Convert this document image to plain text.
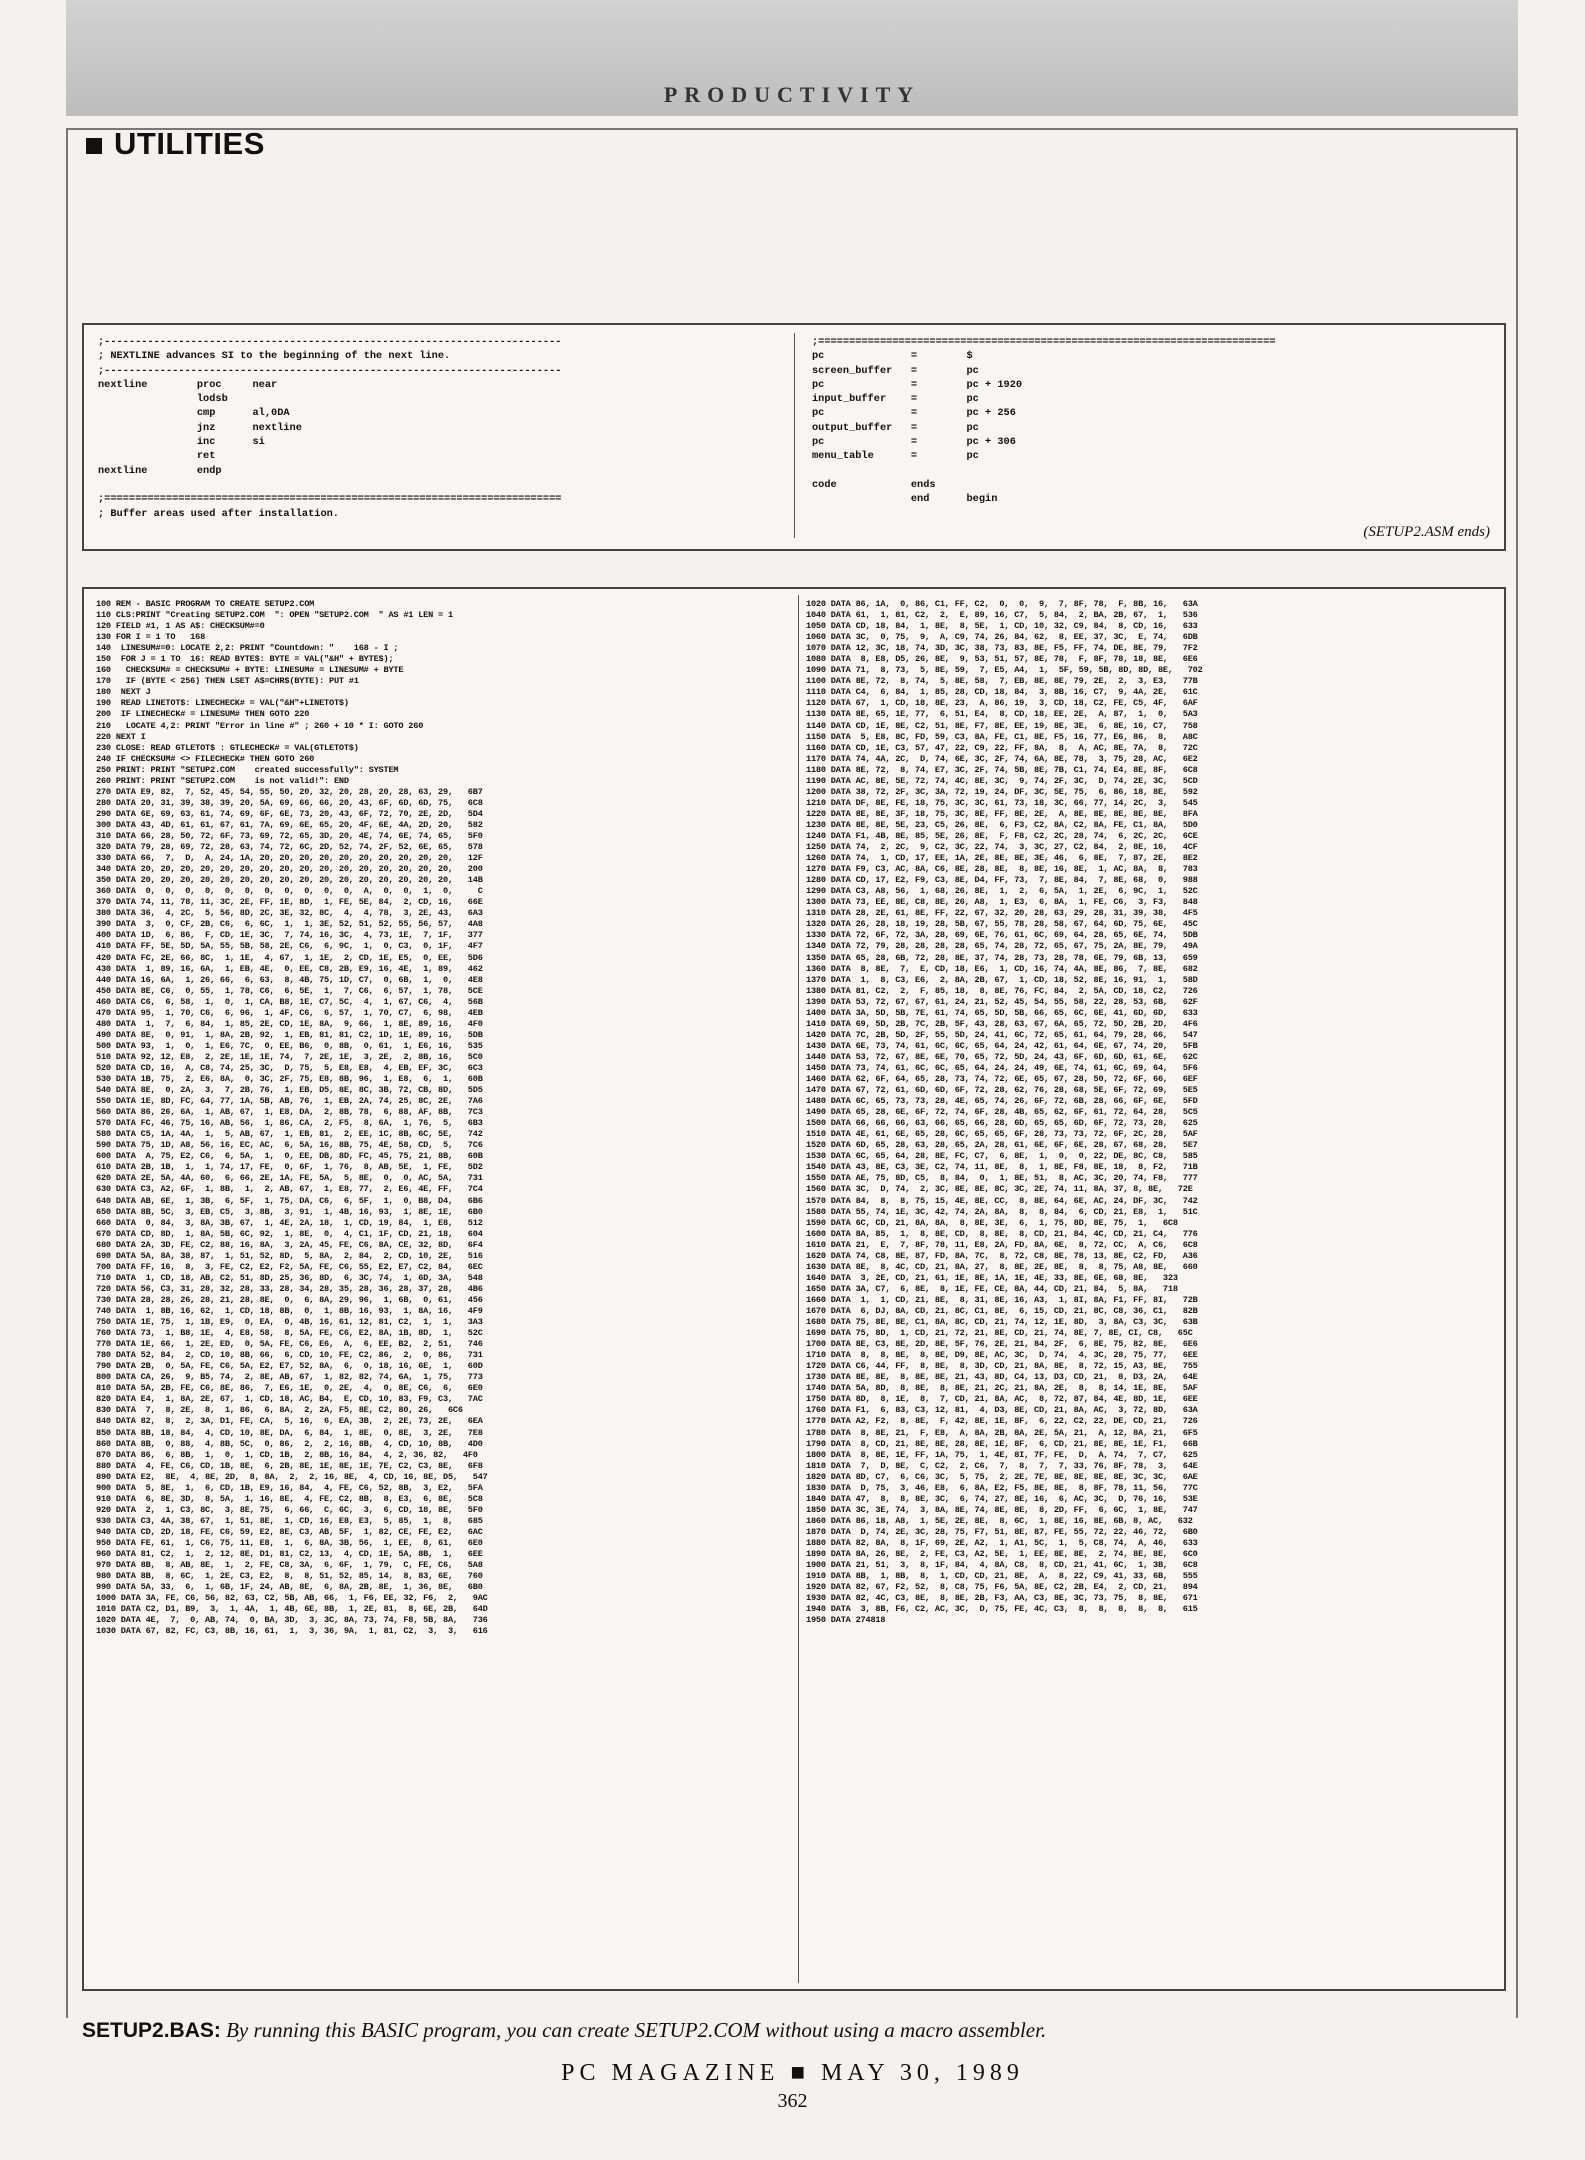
PRODUCTIVITY
UTILITIES
;--------------------------------------------------------------------------
; NEXTLINE advances SI to the beginning of the next line.
;--------------------------------------------------------------------------
nextline        proc     near
lodsb
cmp      al,0DA
jnz      nextline
inc      si
ret
nextline        endp

;==========================================================================
; Buffer areas used after installation.
;==========================================================================
pc              =        $
screen_buffer   =        pc
pc              =        pc + 1920
input_buffer    =        pc
pc              =        pc + 256
output_buffer   =        pc
pc              =        pc + 306
menu_table      =        pc

code            ends
end      begin
(SETUP2.ASM ends)
100 REM - BASIC PROGRAM TO CREATE SETUP2.COM
110 CLS:PRINT "Creating SETUP2.COM  ": OPEN "SETUP2.COM  " AS #1 LEN = 1
120 FIELD #1, 1 AS A$: CHECKSUM#=0
130 FOR I = 1 TO   168
140  LINESUM#=0: LOCATE 2,2: PRINT "Countdown: "    168 - I ;
150  FOR J = 1 TO  16: READ BYTE$: BYTE = VAL("&H" + BYTE$);
160   CHECKSUM# = CHECKSUM# + BYTE: LINESUM# = LINESUM# + BYTE
170   IF (BYTE < 256) THEN LSET A$=CHR$(BYTE): PUT #1
180  NEXT J
190  READ LINETOT$: LINECHECK# = VAL("&H"+LINETOT$)
200  IF LINECHECK# = LINESUM# THEN GOTO 220
210   LOCATE 4,2: PRINT "Error in line #" ; 260 + 10 * I: GOTO 260
220 NEXT I
230 CLOSE: READ GTLETOT$ : GTLECHECK# = VAL(GTLETOT$)
240 IF CHECKSUM# <> FILECHECK# THEN GOTO 260
250 PRINT: PRINT "SETUP2.COM    created successfully": SYSTEM
260 PRINT: PRINT "SETUP2.COM    is not valid!": END
270 DATA E9, 82,  7, 52, 45, 54, 55, 50, 20, 32, 20, 28, 20, 28, 63, 29,   6B7
280 DATA 20, 31, 39, 38, 39, 20, 5A, 69, 66, 66, 20, 43, 6F, 6D, 6D, 75,   6C8
290 DATA 6E, 69, 63, 61, 74, 69, 6F, 6E, 73, 20, 43, 6F, 72, 70, 2E, 2D,   5D4
300 DATA 43, 4D, 61, 61, 67, 61, 7A, 69, 6E, 65, 20, 4F, 6E, 4A, 2D, 20,   582
310 DATA 66, 28, 50, 72, 6F, 73, 69, 72, 65, 3D, 20, 4E, 74, 6E, 74, 65,   5F0
320 DATA 79, 28, 69, 72, 28, 63, 74, 72, 6C, 2D, 52, 74, 2F, 52, 6E, 65,   578
330 DATA 66,  7,  D,  A, 24, 1A, 20, 20, 20, 20, 20, 20, 20, 20, 20, 20,   12F
340 DATA 20, 20, 20, 20, 20, 20, 20, 20, 20, 20, 20, 20, 20, 20, 20, 20,   200
350 DATA 20, 20, 20, 20, 20, 20, 20, 20, 20, 20, 20, 20, 20, 20, 20, 20,   14B
360 DATA  0,  0,  0,  0,  0,  0,  0,  0,  0,  0,  0,  A,  0,  0,  1,  0,     C
370 DATA 74, 11, 78, 11, 3C, 2E, FF, 1E, 8D,  1, FE, 5E, 84,  2, CD, 16,   66E
380 DATA 36,  4, 2C,  5, 56, 8D, 2C, 3E, 32, 8C,  4,  4, 78,  3, 2E, 43,   6A3
390 DATA  3,  0, CF, 2B, C6,  6, 6C,  1,  1, 3E, 52, 51, 52, 55, 56, 57,   4A8
400 DATA 1D,  6, 86,  F, CD, 1E, 3C,  7, 74, 16, 3C,  4, 73, 1E,  7, 1F,   377
410 DATA FF, 5E, 5D, 5A, 55, 5B, 58, 2E, C6,  6, 9C,  1,  0, C3,  0, 1F,   4F7
420 DATA FC, 2E, 66, 8C,  1, 1E,  4, 67,  1, 1E,  2, CD, 1E, E5,  0, EE,   5D6
430 DATA  1, 89, 16, 6A,  1, EB, 4E,  0, EE, C8, 2B, E9, 16, 4E,  1, 89,   462
440 DATA 16, 6A,  1, 26, 66,  6, 63,  8, 4B, 75, 1D, C7,  0, 6B,  1,  0,   4E8
450 DATA 8E, C6,  0, 55,  1, 78, C6,  6, 5E,  1,  7, C6,  6, 57,  1, 78,   5CE
460 DATA C6,  6, 58,  1,  0,  1, CA, B8, 1E, C7, 5C,  4,  1, 67, C6,  4,   56B
470 DATA 95,  1, 70, C6,  6, 96,  1, 4F, C6,  6, 57,  1, 70, C7,  6, 98,   4EB
480 DATA  1,  7,  6, 84,  1, 85, 2E, CD, 1E, 8A,  9, 66,  1, 8E, 89, 16,   4F0
490 DATA 8E,  0, 91,  1, 8A, 2B, 92,  1, EB, 81, 81, C2, 1D, 1E, 89, 16,   5DB
500 DATA 93,  1,  0,  1, E6, 7C,  0, EE, B6,  0, 8B,  0, 61,  1, E6, 16,   535
510 DATA 92, 12, E8,  2, 2E, 1E, 1E, 74,  7, 2E, 1E,  3, 2E,  2, 8B, 16,   5C0
520 DATA CD, 16,  A, C8, 74, 25, 3C,  D, 75,  5, E8, E8,  4, EB, EF, 3C,   6C3
530 DATA 1B, 75,  2, E6, 8A,  0, 3C, 2F, 75, E8, 8B, 96,  1, E8,  6,  1,   60B
540 DATA 8E,  0, 2A,  3,  7, 2B, 76,  1, EB, D5, 8E, 8C, 3B, 72, CB, 8D,   5D5
550 DATA 1E, 8D, FC, 64, 77, 1A, 5B, AB, 76,  1, EB, 2A, 74, 25, 8C, 2E,   7A6
560 DATA 86, 26, 6A,  1, AB, 67,  1, E8, DA,  2, 8B, 78,  6, 88, AF, 8B,   7C3
570 DATA FC, 46, 75, 16, AB, 56,  1, 86, CA,  2, F5,  8, 6A,  1, 76,  5,   6B3
580 DATA C5, 1A, 4A,  1,  5, AB, 67,  1, EB, 81,  2, EE, 1C, 8B, 6C, 5E,   742
590 DATA 75, 1D, A8, 56, 16, EC, AC,  6, 5A, 16, 8B, 75, 4E, 58, CD,  5,   7C6
600 DATA  A, 75, E2, C6,  6, 5A,  1,  0, EE, DB, 8D, FC, 45, 75, 21, 8B,   60B
610 DATA 2B, 1B,  1,  1, 74, 17, FE,  0, 6F,  1, 76,  8, AB, 5E,  1, FE,   5D2
620 DATA 2E, 5A, 4A, 60,  6, 66, 2E, 1A, FE, 5A,  5, 8E,  0,  0, AC, 5A,   731
630 DATA C3, A2, 6F,  1, 8B,  1,  2, AB, 67,  1, E8, 77,  2, E6, 4E, FF,   7C4
640 DATA AB, 6E,  1, 3B,  6, 5F,  1, 75, DA, C6,  6, 5F,  1,  0, B8, D4,   6B6
650 DATA 8B, 5C,  3, EB, C5,  3, 8B,  3, 91,  1, 4B, 16, 93,  1, 8E, 1E,   6B0
660 DATA  0, 84,  3, 8A, 3B, 67,  1, 4E, 2A, 18,  1, CD, 19, 84,  1, E8,   512
670 DATA CD, 8D,  1, 8A, 5B, 6C, 92,  1, 8E,  0,  4, C1, 1F, CD, 21, 18,   604
680 DATA 2A, 3D, FE, C2, 88, 16, 8A,  3, 2A, 45, FE, C6, 8A, CE, 32, 8D,   6F4
690 DATA 5A, 8A, 38, 87,  1, 51, 52, 8D,  5, 8A,  2, 84,  2, CD, 10, 2E,   516
700 DATA FF, 16,  8,  3, FE, C2, E2, F2, 5A, FE, C6, 55, E2, E7, C2, 84,   6EC
710 DATA  1, CD, 18, AB, C2, 51, 8D, 25, 36, 8D,  6, 3C, 74,  1, 6D, 3A,   548
720 DATA 56, C3, 31, 28, 32, 28, 33, 28, 34, 28, 35, 28, 36, 28, 37, 28,   4B6
730 DATA 28, 28, 26, 28, 21, 28, 8E,  0,  6, 8A, 29, 96,  1, 6B,  0, 61,   456
740 DATA  1, 8B, 16, 62,  1, CD, 18, 8B,  0,  1, 8B, 16, 93,  1, 8A, 16,   4F9
750 DATA 1E, 75,  1, 1B, E9,  0, EA,  0, 4B, 16, 61, 12, 81, C2,  1,  1,   3A3
760 DATA 73,  1, B8, 1E,  4, E8, 58,  8, 5A, FE, C6, E2, 8A, 1B, 8D,  1,   52C
770 DATA 1E, 66,  1, 2E, ED,  0, 5A, FE, C6, E6,  A,  6, EE, B2,  2, 51,   746
780 DATA 52, 84,  2, CD, 10, 8B, 66,  6, CD, 10, FE, C2, 86,  2,  0, 86,   731
790 DATA 2B,  0, 5A, FE, C6, 5A, E2, E7, 52, 8A,  6,  0, 18, 16, 6E,  1,   60D
800 DATA CA, 26,  9, B5, 74,  2, 8E, AB, 67,  1, 82, 82, 74, 6A,  1, 75,   773
810 DATA 5A, 2B, FE, C6, 8E, 86,  7, E6, 1E,  0, 2E,  4,  0, 8E, C6,  6,   6E0
820 DATA E4,  1, 8A, 2E, 67,  1, CD, 18, AC, B4,  E, CD, 10, 83, F9, C3,   7AC
830 DATA  7,  8, 2E,  8,  1, 86,  6, 8A,  2, 2A, F5, 8E, C2, 80, 26,   6C6
840 DATA 82,  8,  2, 3A, D1, FE, CA,  5, 16,  6, EA, 3B,  2, 2E, 73, 2E,   6EA
850 DATA 8B, 18, 84,  4, CD, 10, 8E, DA,  6, 84,  1, 8E,  0, 8E,  3, 2E,   7E8
860 DATA 8B,  0, 88,  4, 8B, 5C,  0, 86,  2,  2, 16, 8B,  4, CD, 10, 8B,   4D0
870 DATA 86,  6, 8B,  1,  0,  1, CD, 1B,  2, 8B, 16, 84,  4, 2, 36, 82,   4F0
880 DATA  4, FE, C6, CD, 1B, 8E,  6, 2B, 8E, 1E, 8E, 1E, 7E, C2, C3, 8E,   6F8
890 DATA E2,  8E,  4, 8E, 2D,  8, 8A,  2,  2, 16, 8E,  4, CD, 16, 8E, D5,   547
900 DATA  5, 8E,  1,  6, CD, 1B, E9, 16, 84,  4, FE, C6, 52, 8B,  3, E2,   5FA
910 DATA  6, 8E, 3D,  8, 5A,  1, 16, 8E,  4, FE, C2, 8B,  8, E3,  6, 8E,   5C8
920 DATA  2,  1, C3, 8C,  3, 8E, 75,  6, 66,  C, 6C,  3,  6, CD, 18, 8E,   5F0
930 DATA C3, 4A, 38, 67,  1, 51, 8E,  1, CD, 16, E8, E3,  5, 85,  1,  8,   685
940 DATA CD, 2D, 18, FE, C6, 59, E2, 8E, C3, AB, 5F,  1, 82, CE, FE, E2,   6AC
950 DATA FE, 61,  1, C6, 75, 11, E8,  1,  6, 8A, 3B, 56,  1, EE,  8, 61,   6E0
960 DATA 81, C2,  1,  2, 12, 8E, D1, 81, C2, 13,  4, CD, 1E, 5A, 8B,  1,   6EE
970 DATA 8B,  8, AB, 8E,  1,  2, FE, C8, 3A,  6, 6F,  1, 79,  C, FE, C6,   5A8
980 DATA 8B,  8, 6C,  1, 2E, C3, E2,  8,  8, 51, 52, 85, 14,  8, 83, 6E,   760
990 DATA 5A, 33,  6,  1, 6B, 1F, 24, AB, 8E,  6, 8A, 2B, 8E,  1, 36, 8E,   6B0
1000 DATA 3A, FE, C6, 56, 82, 63, C2, 5B, AB, 66,  1, F6, EE, 32, F6,  2,   9AC
1010 DATA C2, D1, B9,  3,  1, 4A,  1, 4B, 6E, 8B,  1, 2E, 81,  8, 6E, 2B,   64D
1020 DATA 4E,  7,  0, AB, 74,  0, BA, 3D,  3, 3C, 8A, 73, 74, F8, 5B, 8A,   736
1030 DATA 67, 82, FC, C3, 8B, 16, 61,  1,  3, 36, 9A,  1, 81, C2,  3,  3,   616
1020 DATA 86, 1A,  0, 86, C1, FF, C2,  0,  0,  9,  7, 8F, 78,  F, 8B, 16,   63A
1040 DATA 61,  1, 81, C2,  2,  E, 89, 16, C7,  5, 84,  2, BA, 2B, 67,  1,   536
1050 DATA CD, 18, 84,  1, 8E,  8, 5E,  1, CD, 10, 32, C9, 84,  8, CD, 16,   633
1060 DATA 3C,  0, 75,  9,  A, C9, 74, 26, 84, 62,  8, EE, 37, 3C,  E, 74,   6DB
1070 DATA 12, 3C, 18, 74, 3D, 3C, 38, 73, 83, 8E, F5, FF, 74, DE, 8E, 79,   7F2
1080 DATA  8, E8, D5, 26, 8E,  9, 53, 51, 57, 8E, 78,  F, 8F, 78, 18, 8E,   6E6
1090 DATA 71,  8, 73,  5, 8E, 59,  7, E5, A4,  1,  5F, 59, 5B, 8D, 8D, 8E,   702
1100 DATA 8E, 72,  8, 74,  5, 8E, 58,  7, EB, 8E, 8E, 79, 2E,  2,  3, E3,   77B
1110 DATA C4,  6, 84,  1, 85, 28, CD, 18, 84,  3, 8B, 16, C7,  9, 4A, 2E,   61C
1120 DATA 67,  1, CD, 18, 8E, 23,  A, 86, 19,  3, CD, 18, C2, FE, C5, 4F,   6AF
1130 DATA 8E, 65, 1E, 77,  6, 51, E4,  8, CD, 18, EE, 2E,  A, 87,  1,  0,   5A3
1140 DATA CD, 1E, 8E, C2, 51, 8E, F7, 8E, EE, 19, 8E, 3E,  6, 8E, 16, C7,   758
1150 DATA  5, E8, 8C, FD, 59, C3, 8A, FE, C1, 8E, F5, 16, 77, E6, 86,  8,   A8C
1160 DATA CD, 1E, C3, 57, 47, 22, C9, 22, FF, 8A,  8,  A, AC, 8E, 7A,  8,   72C
1170 DATA 74, 4A, 2C,  D, 74, 6E, 3C, 2F, 74, 6A, 8E, 78,  3, 75, 28, AC,   6E2
1180 DATA 8E, 72,  8, 74, E7, 3C, 2F, 74, 5B, 8E, 7B, C1, 74, E4, 8E, 8F,   6C8
1190 DATA AC, 8E, 5E, 72, 74, 4C, 8E, 3C,  9, 74, 2F, 3C,  D, 74, 2E, 3C,   5CD
1200 DATA 38, 72, 2F, 3C, 3A, 72, 19, 24, DF, 3C, 5E, 75,  6, 86, 18, 8E,   592
1210 DATA DF, 8E, FE, 18, 75, 3C, 3C, 61, 73, 18, 3C, 66, 77, 14, 2C,  3,   545
1220 DATA 8E, 8E, 3F, 18, 75, 3C, 8E, FF, 8E, 2E,  A, 8E, 8E, 8E, 8E, 8E,   8FA
1230 DATA 8E, 8E, 5E, 23, C5, 26, 8E,  6, F3, C2, 8A, C2, 8A, FE, C1, 8A,   5D0
1240 DATA F1, 4B, 8E, 85, 5E, 26, 8E,  F, F8, C2, 2C, 28, 74,  6, 2C, 2C,   6CE
1250 DATA 74,  2, 2C,  9, C2, 3C, 22, 74,  3, 3C, 27, C2, 84,  2, 8E, 16,   4CF
1260 DATA 74,  1, CD, 17, EE, 1A, 2E, 8E, 8E, 3E, 46,  6, 8E,  7, 87, 2E,   8E2
1270 DATA F9, C3, AC, 8A, C6, 8E, 28, 8E,  8, 8E, 16, 8E,  1, AC, 8A,  8,   783
1280 DATA CD, 17, E2, F9, C3, 8E, D4, FF, 73,  7, 8E, 84,  7, 8E, 68,  0,   988
1290 DATA C3, A8, 56,  1, 68, 26, 8E,  1,  2,  6, 5A,  1, 2E,  6, 9C,  1,   52C
1300 DATA 73, EE, 8E, C8, 8E, 26, A8,  1, E3,  6, 8A,  1, FE, C6,  3, F3,   848
1310 DATA 28, 2E, 61, 8E, FF, 22, 67, 32, 20, 28, 63, 29, 28, 31, 39, 38,   4F5
1320 DATA 26, 28, 18, 19, 28, 5B, 67, 55, 78, 28, 58, 67, 64, 6D, 75, 6E,   45C
1330 DATA 72, 6F, 72, 3A, 28, 69, 6E, 76, 61, 6C, 69, 64, 28, 65, 6E, 74,   5DB
1340 DATA 72, 79, 28, 28, 28, 28, 65, 74, 28, 72, 65, 67, 75, 2A, 8E, 79,   49A
1350 DATA 65, 28, 6B, 72, 28, 8E, 37, 74, 28, 73, 28, 78, 6E, 79, 6B, 13,   659
1360 DATA  8, 8E,  7,  E, CD, 18, E6,  1, CD, 16, 74, 4A, 8E, 86,  7, 8E,   682
1370 DATA  1,  8, C3, E6,  2, 8A, 2B, 67,  1, CD, 18, 52, 8E, 16, 91,  1,   58D
1380 DATA 81, C2,  2,  F, 85, 18,  8, 8E, 76, FC, 84,  2, 5A, CD, 18, C2,   726
1390 DATA 53, 72, 67, 67, 61, 24, 21, 52, 45, 54, 55, 58, 22, 28, 53, 6B,   62F
1400 DATA 3A, 5D, 5B, 7E, 61, 74, 65, 5D, 5B, 66, 65, 6C, 6E, 41, 6D, 6D,   633
1410 DATA 69, 5D, 2B, 7C, 2B, 5F, 43, 28, 63, 67, 6A, 65, 72, 5D, 2B, 2D,   4F6
1420 DATA 7C, 2B, 5D, 2F, 55, 5D, 24, 41, 6C, 72, 65, 61, 64, 79, 28, 66,   547
1430 DATA 6E, 73, 74, 61, 6C, 6C, 65, 64, 24, 42, 61, 64, 6E, 67, 74, 20,   5FB
1440 DATA 53, 72, 67, 8E, 6E, 70, 65, 72, 5D, 24, 43, 6F, 6D, 6D, 61, 6E,   62C
1450 DATA 73, 74, 61, 6C, 6C, 65, 64, 24, 24, 49, 6E, 74, 61, 6C, 69, 64,   5F6
1460 DATA 62, 6F, 64, 65, 28, 73, 74, 72, 6E, 65, 67, 28, 50, 72, 6F, 66,   6EF
1470 DATA 67, 72, 61, 6D, 6D, 6F, 72, 28, 62, 76, 28, 68, 5E, 6F, 72, 69,   5E5
1480 DATA 6C, 65, 73, 73, 28, 4E, 65, 74, 26, 6F, 72, 6B, 28, 66, 6F, 6E,   5FD
1490 DATA 65, 28, 6E, 6F, 72, 74, 6F, 28, 4B, 65, 62, 6F, 61, 72, 64, 28,   5C5
1500 DATA 66, 66, 66, 63, 66, 65, 66, 28, 6D, 65, 65, 6D, 6F, 72, 73, 28,   625
1510 DATA 4E, 61, 6E, 65, 28, 6C, 65, 65, 6F, 28, 73, 73, 72, 6F, 2C, 28,   5AF
1520 DATA 6D, 65, 28, 63, 28, 65, 2A, 28, 61, 6E, 6F, 6E, 28, 67, 68, 28,   5E7
1530 DATA 6C, 65, 64, 28, 8E, FC, C7,  6, 8E,  1,  0,  0, 22, DE, 8C, C8,   585
1540 DATA 43, 8E, C3, 3E, C2, 74, 11, 8E,  8,  1, 8E, F8, 8E, 18,  8, F2,   71B
1550 DATA AE, 75, 8D, C5,  8, 84,  0,  1, 8E, 51,  8, AC, 3C, 20, 74, F8,   777
1560 DATA 3C,  D, 74,  2, 3C, 8E, 8E, 8C, 3C, 2E, 74, 11, 8A, 37, 8, 8E,   72E
1570 DATA 84,  8,  8, 75, 15, 4E, 8E, CC,  8, 8E, 64, 6E, AC, 24, DF, 3C,   742
1580 DATA 55, 74, 1E, 3C, 42, 74, 2A, 8A,  8,  8, 84,  6, CD, 21, E8,  1,   51C
1590 DATA 6C, CD, 21, 8A, 8A,  8, 8E, 3E,  6,  1, 75, 8D, 8E, 75,  1,   6C8
1600 DATA 8A, 85,  1,  8, 8E, CD,  8, 8E,  8, CD, 21, 84, 4C, CD, 21, C4,   776
1610 DATA 21,  E,  7, 8F, 78, 11, E8, 2A, FD, 8A, 6E,  8, 72, CC,  A, C6,   6C8
1620 DATA 74, C8, 8E, 87, FD, 8A, 7C,  8, 72, C8, 8E, 78, 13, 8E, C2, FD,   A36
1630 DATA 8E,  8, 4C, CD, 21, 8A, 27,  8, 8E, 2E, 8E,  8,  8, 75, A8, 8E,   660
1640 DATA  3, 2E, CD, 21, 61, 1E, 8E, 1A, 1E, 4E, 33, 8E, 6E, 68, 8E,   323
1650 DATA 3A, C7,  6, 8E,  8, 1E, FE, CE, 8A, 44, CD, 21, 84,  5, 8A,   718
1660 DATA  1,  1, CD, 21, 8E,  8, 31, 8E, 16, A3,  1, 8I, 8A, F1, FF, 8I,   72B
1670 DATA  6, DJ, 8A, CD, 21, 8C, C1, 8E,  6, 15, CD, 21, 8C, C8, 36, C1,   82B
1680 DATA 75, 8E, 8E, C1, 8A, 8C, CD, 21, 74, 12, 1E, 8D,  3, 8A, C3, 3C,   63B
1690 DATA 75, 8D,  1, CD, 21, 72, 21, 8E, CD, 21, 74, 8E, 7, 8E, CI, C8,   65C
1700 DATA 8E, C3, 8E, 2D, 8E, 5F, 76, 2E, 21, 84, 2F,  6, 8E, 75, 82, 8E,   6E6
1710 DATA  8,  8, 8E,  8, 8E, D9, 8E, AC, 3C,  D, 74,  4, 3C, 28, 75, 77,   6EE
1720 DATA C6, 44, FF,  8, 8E,  8, 3D, CD, 21, 8A, 8E,  8, 72, 15, A3, 8E,   755
1730 DATA 8E, 8E,  8, 8E, 8E, 21, 43, 8D, C4, 13, D3, CD, 21,  8, D3, 2A,   64E
1740 DATA 5A, 8D,  8, 8E,  8, 8E, 21, 2C, 21, 8A, 2E,  8,  8, 14, 1E, 8E,   5AF
1750 DATA 8D,  8, 1E,  8,  7, CD, 21, 8A, AC,  8, 72, 87, 84, 4E, 8D, 1E,   6EE
1760 DATA F1,  6, 83, C3, 12, 81,  4, D3, 8E, CD, 21, 8A, AC,  3, 72, 8D,   63A
1770 DATA A2, F2,  8, 8E,  F, 42, 8E, 1E, 8F,  6, 22, C2, 22, DE, CD, 21,   726
1780 DATA  8, 8E, 21,  F, E8,  A, 8A, 2B, 8A, 2E, 5A, 21,  A, 12, 8A, 21,   6F5
1790 DATA  8, CD, 21, 8E, 8E, 28, 8E, 1E, 8F,  6, CD, 21, 8E, 8E, 1E, F1,   66B
1800 DATA  8, 8E, 1E, FF, 1A, 75,  1, 4E, 8I, 7F, FE,  D,  A, 74,  7, C7,   625
1810 DATA  7,  D, 8E,  C, C2,  2, C6,  7,  8,  7,  7, 33, 76, 8F, 78,  3,   64E
1820 DATA 8D, C7,  6, C6, 3C,  5, 75,  2, 2E, 7E, 8E, 8E, 8E, 8E, 3C, 3C,   6AE
1830 DATA  D, 75,  3, 46, E8,  6, 8A, E2, F5, 8E, 8E,  8, 8F, 78, 11, 56,   77C
1840 DATA 47,  8,  8, 8E, 3C,  6, 74, 27, 8E, 16,  6, AC, 3C,  D, 76, 16,   53E
1850 DATA 3C, 3E, 74,  3, 8A, 8E, 74, 8E, 8E,  8, 2D, FF,  6, 6C,  1, 8E,   747
1860 DATA 86, 18, A8,  1, 5E, 2E, 8E,  8, 6C,  1, 8E, 16, 8E, 6B, 8, AC,   632
1870 DATA  D, 74, 2E, 3C, 28, 75, F7, 51, 8E, 87, FE, 55, 72, 22, 46, 72,   6B0
1880 DATA 82, 8A,  8, 1F, 69, 2E, A2,  1, A1, 5C,  1,  5, C8, 74,  A, 46,   633
1890 DATA 8A, 26, 8E,  2, FE, C3, A2, 5E,  1, EE, 8E, 8E,  2, 74, 8E, 8E,   6C0
1900 DATA 21, 51,  3,  8, 1F, 84,  4, 8A, C8,  8, CD, 21, 41, 6C,  1, 3B,   6C8
1910 DATA 8B,  1, 8B,  8,  1, CD, CD, 21, 8E,  A,  8, 22, C9, 41, 33, 6B,   555
1920 DATA 82, 67, F2, 52,  8, C8, 75, F6, 5A, 8E, C2, 2B, E4,  2, CD, 21,   894
1930 DATA 82, 4C, C3, 8E,  8, 8E, 2B, F3, AA, C3, 8E, 3C, 73, 75,  8, 8E,   671
1940 DATA  3, 8B, F6, C2, AC, 3C,  D, 75, FE, 4C, C3,  8,  8,  8,  8,  8,   615
1950 DATA 274818
SETUP2.BAS: By running this BASIC program, you can create SETUP2.COM without using a macro assembler.
PC MAGAZINE ■ MAY 30, 1989
362
